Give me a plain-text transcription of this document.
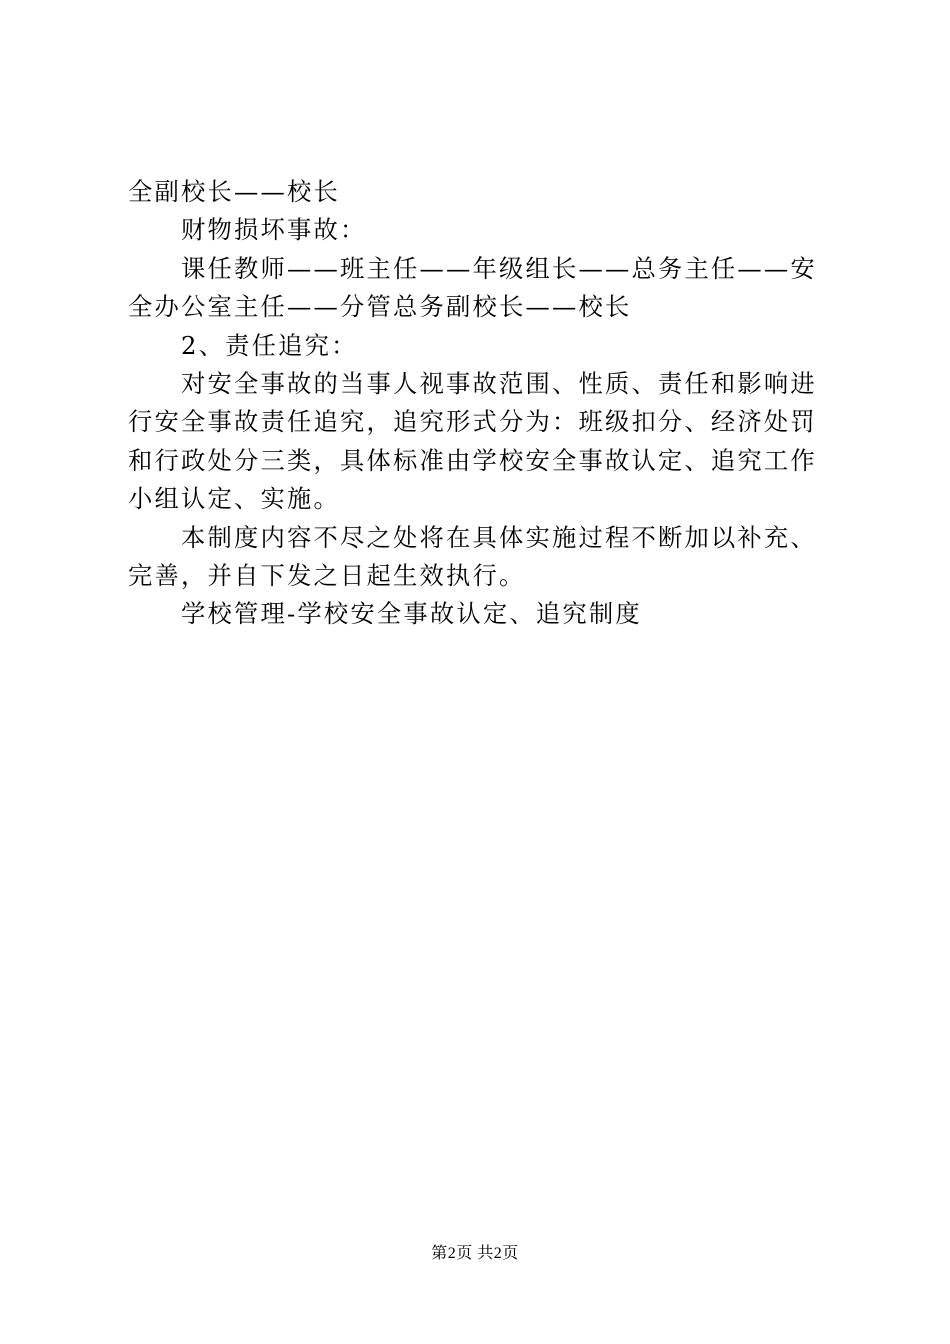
全副校长——校长

财物损坏事故：

课任教师——班主任——年级组长——总务主任——安全办公室主任——分管总务副校长——校长

2、责任追究：

对安全事故的当事人视事故范围、性质、责任和影响进行安全事故责任追究，追究形式分为：班级扣分、经济处罚和行政处分三类，具体标准由学校安全事故认定、追究工作小组认定、实施。

本制度内容不尽之处将在具体实施过程不断加以补充、完善，并自下发之日起生效执行。

学校管理-学校安全事故认定、追究制度

第2页 共2页
